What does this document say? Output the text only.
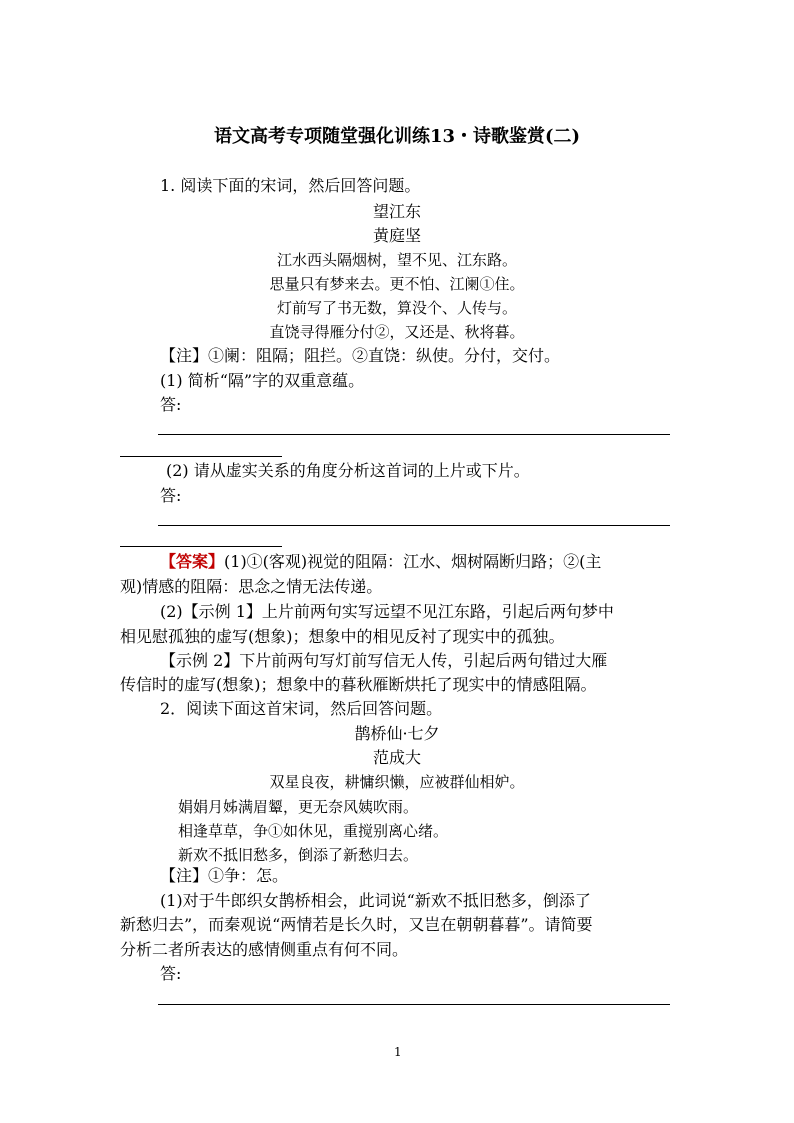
语文高考专项随堂强化训练13・诗歌鉴赏(二)
1. 阅读下面的宋词，然后回答问题。
望江东
黄庭坚
江水西头隔烟树，望不见、江东路。
思量只有梦来去。更不怕、江阑①住。
灯前写了书无数，算没个、人传与。
直饶寻得雁分付②，又还是、秋将暮。
【注】①阑：阻隔；阻拦。②直饶：纵使。分付，交付。
(1) 简析“隔”字的双重意蕴。
答:
(2) 请从虚实关系的角度分析这首词的上片或下片。
答:
【答案】(1)①(客观)视觉的阻隔：江水、烟树隔断归路；②(主
观)情感的阻隔：思念之情无法传递。
(2)【示例 1】上片前两句实写远望不见江东路，引起后两句梦中
相见慰孤独的虚写(想象)；想象中的相见反衬了现实中的孤独。
【示例 2】下片前两句写灯前写信无人传，引起后两句错过大雁
传信时的虚写(想象)；想象中的暮秋雁断烘托了现实中的情感阻隔。
2．阅读下面这首宋词，然后回答问题。
鹊桥仙·七夕
范成大
双星良夜，耕慵织懒，应被群仙相妒。
娟娟月姊满眉颦，更无奈风姨吹雨。
相逢草草，争①如休见，重搅别离心绪。
新欢不抵旧愁多，倒添了新愁归去。
【注】①争：怎。
(1)对于牛郎织女鹊桥相会，此词说“新欢不抵旧愁多，倒添了
新愁归去”，而秦观说“两情若是长久时，又岂在朝朝暮暮”。请简要
分析二者所表达的感情侧重点有何不同。
答:
1
